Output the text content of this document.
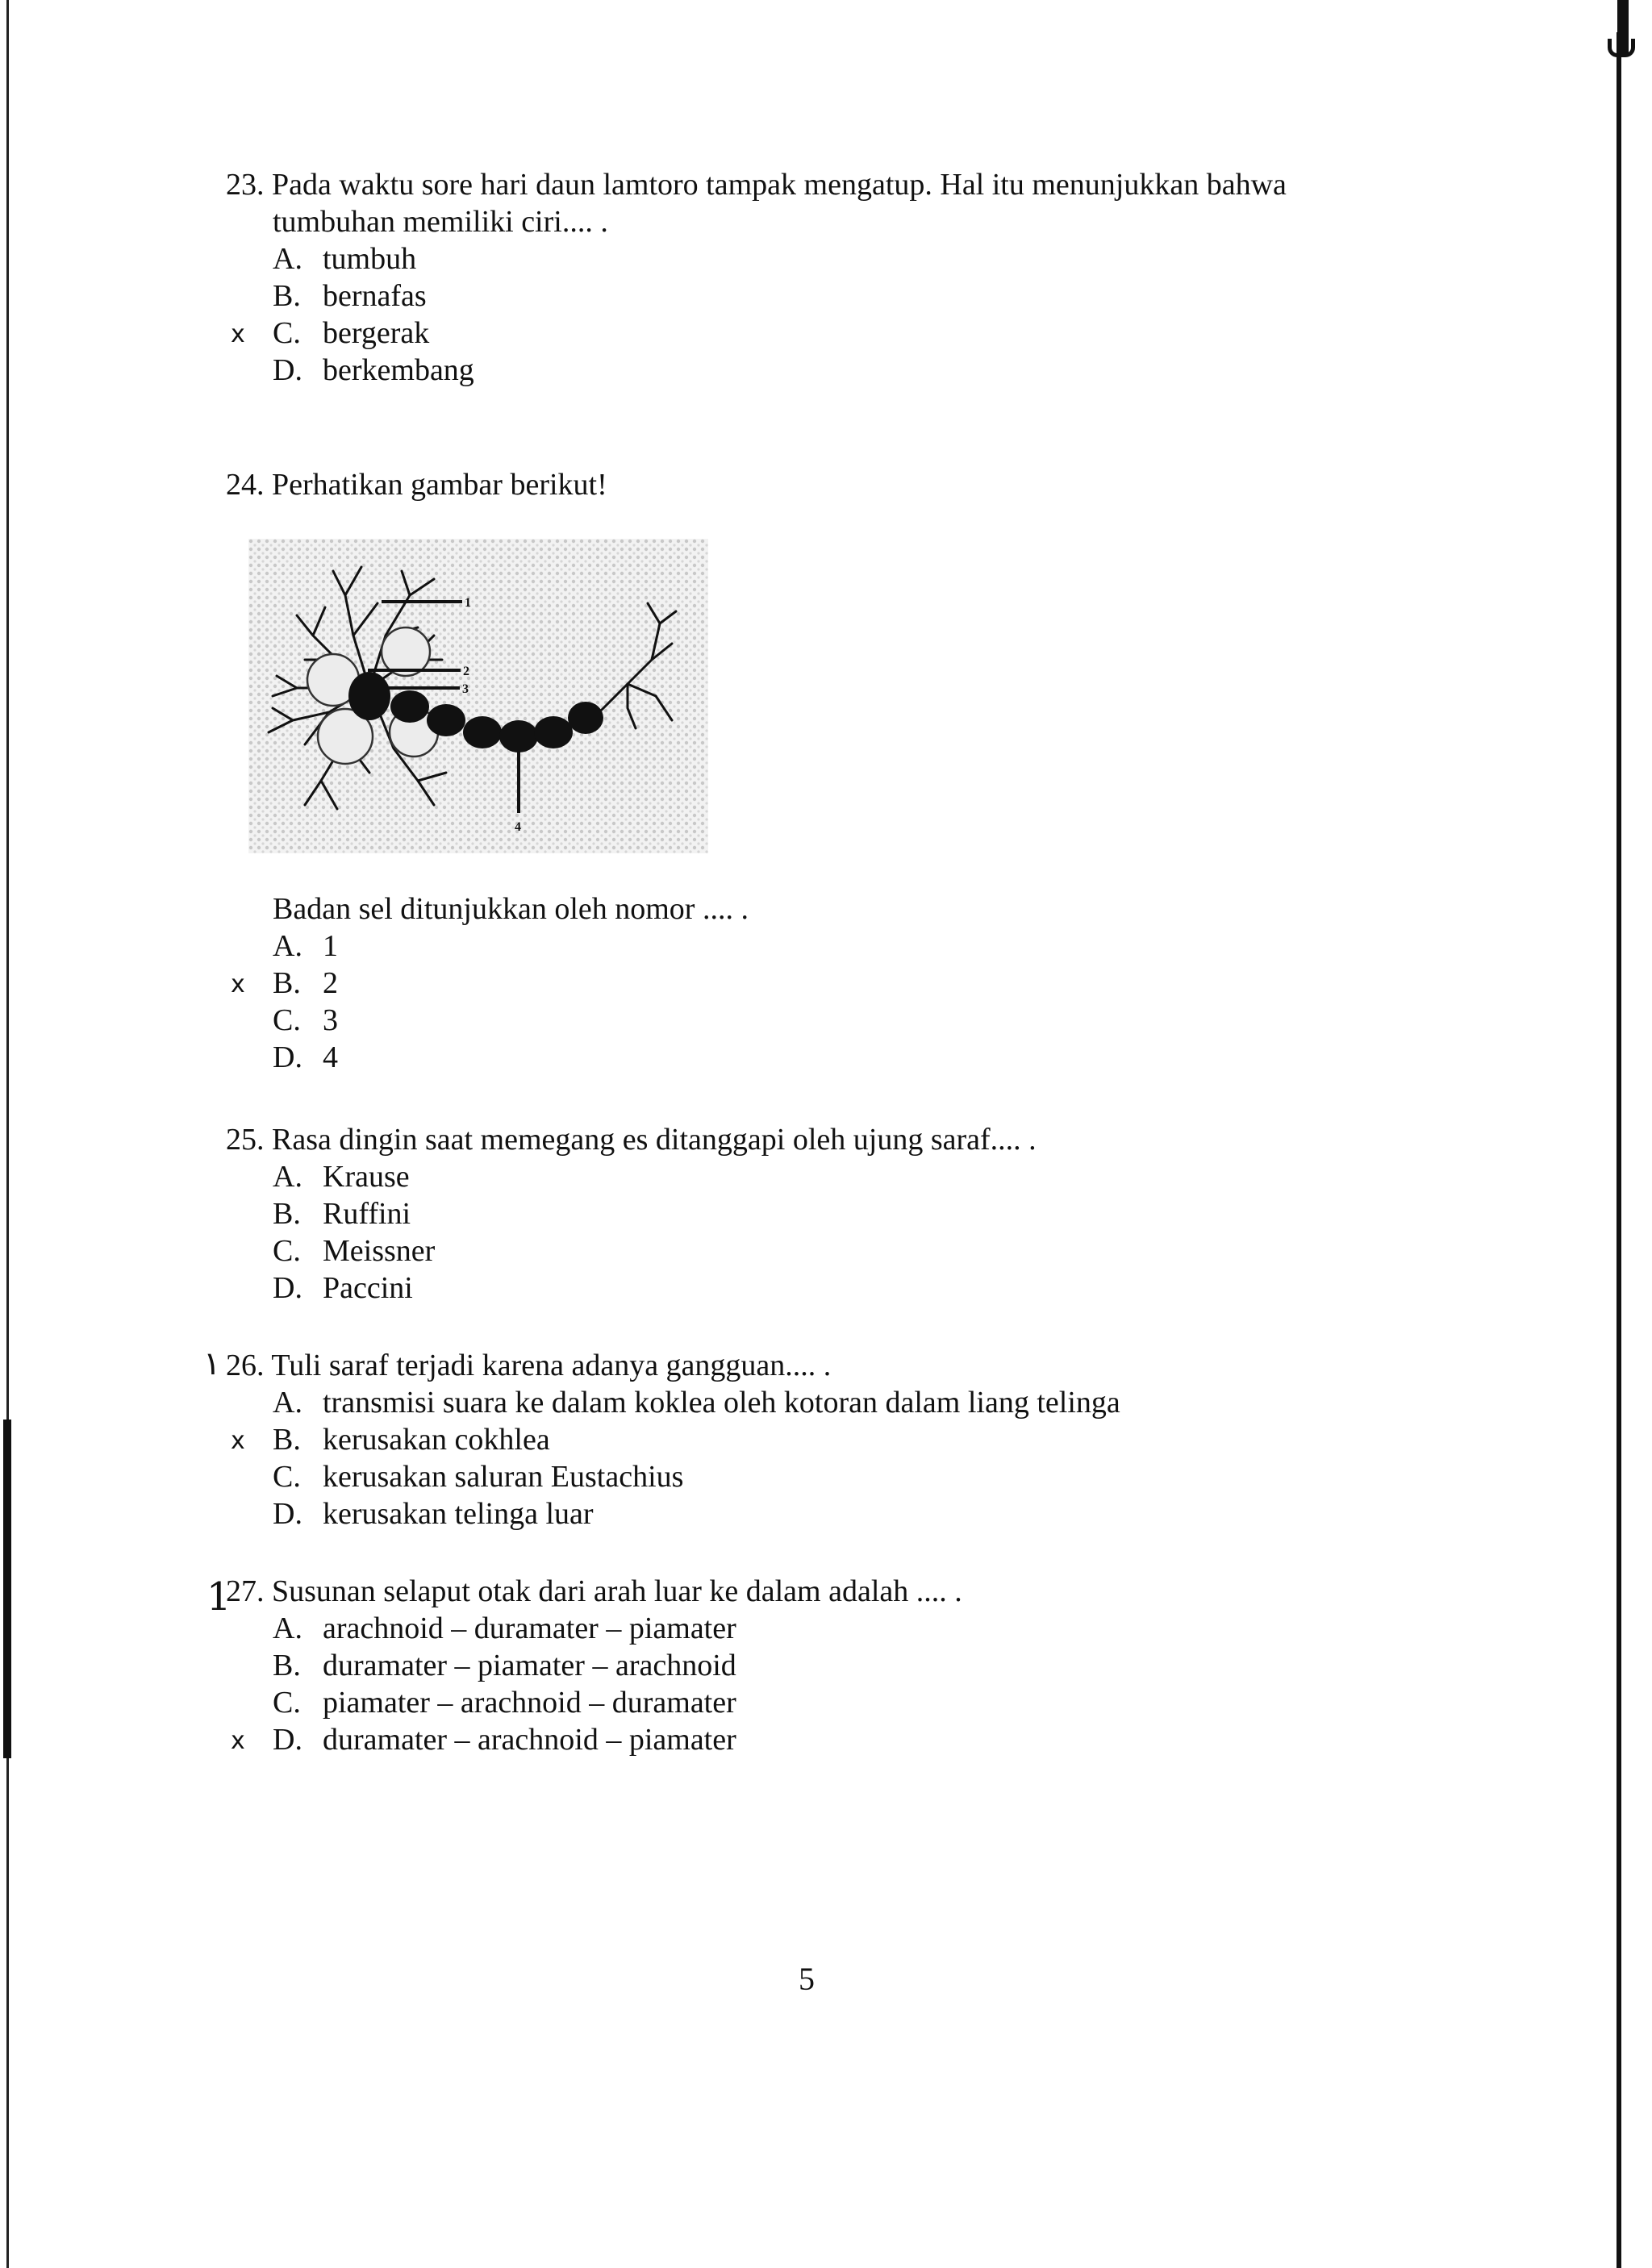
23. Pada waktu sore hari daun lamtoro tampak mengatup. Hal itu menunjukkan bahwa
tumbuhan memiliki ciri.... .
A. tumbuh
B. bernafas
x C. bergerak
D. berkembang
24. Perhatikan gambar berikut!
1
2
3
4
Badan sel ditunjukkan oleh nomor .... .
A. 1
x B. 2
C. 3
D. 4
25. Rasa dingin saat memegang es ditanggapi oleh ujung saraf.... .
A. Krause
B. Ruffini
C. Meissner
D. Paccini
١ 26. Tuli saraf terjadi karena adanya gangguan.... .
A. transmisi suara ke dalam koklea oleh kotoran dalam liang telinga
x B. kerusakan cokhlea
C. kerusakan saluran Eustachius
D. kerusakan telinga luar
1
27. Susunan selaput otak dari arah luar ke dalam adalah .... .
A. arachnoid – duramater – piamater
B. duramater – piamater – arachnoid
C. piamater – arachnoid – duramater
x D. duramater – arachnoid – piamater
5
